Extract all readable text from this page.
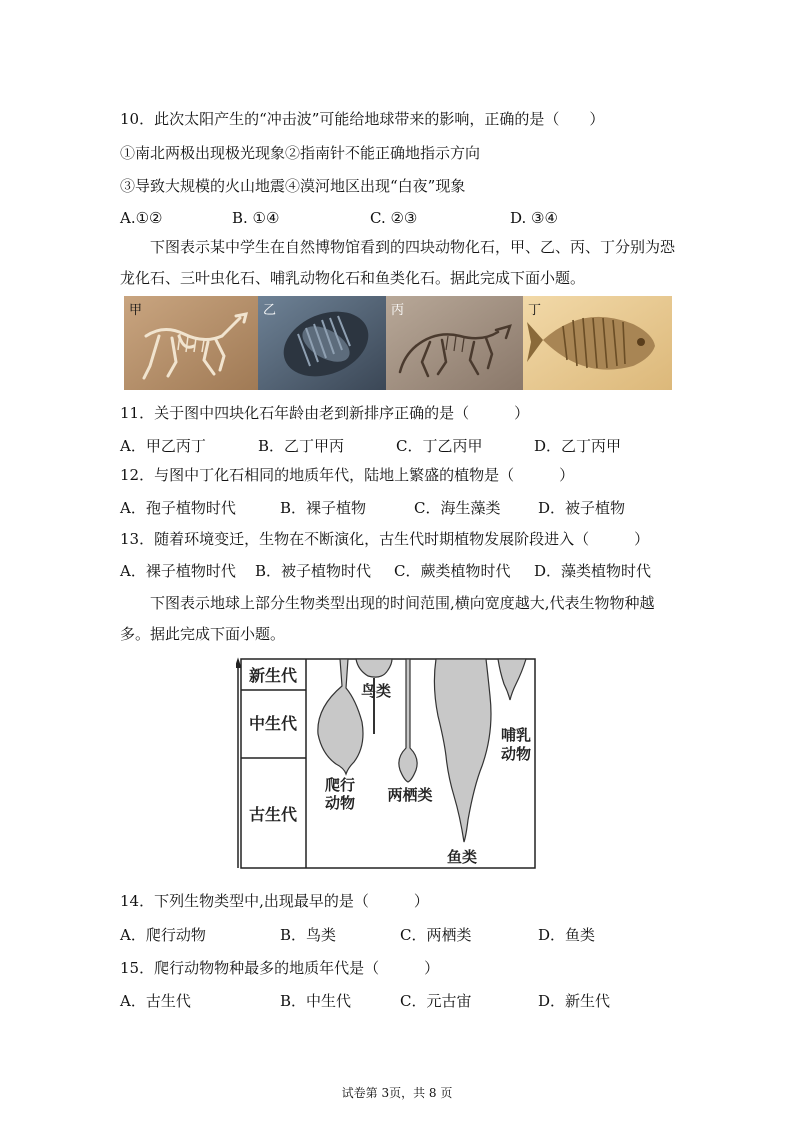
10．此次太阳产生的“冲击波”可能给地球带来的影响，正确的是（　　）
①南北两极出现极光现象②指南针不能正确地指示方向
③导致大规模的火山地震④漠河地区出现“白夜”现象
A.①②	B. ①④	C. ②③	D. ③④
下图表示某中学生在自然博物馆看到的四块动物化石，甲、乙、丙、丁分别为恐龙化石、三叶虫化石、哺乳动物化石和鱼类化石。据此完成下面小题。
甲	乙	丙	丁
11．关于图中四块化石年龄由老到新排序正确的是（　　　）
A．甲乙丙丁	B．乙丁甲丙	C．丁乙丙甲	D．乙丁丙甲
12．与图中丁化石相同的地质年代，陆地上繁盛的植物是（　　　）
A．孢子植物时代	B．裸子植物	C．海生藻类	D．被子植物
13．随着环境变迁，生物在不断演化，古生代时期植物发展阶段进入（　　　）
A．裸子植物时代 B．被子植物时代 C．蕨类植物时代 D．藻类植物时代
下图表示地球上部分生物类型出现的时间范围,横向宽度越大,代表生物物种越多。据此完成下面小题。
新生代
中生代
古生代
鸟类
爬行
动物 两栖类
鱼类
哺乳
动物
14．下列生物类型中,出现最早的是（　　　）
A．爬行动物	B．鸟类	C．两栖类	D．鱼类
15．爬行动物物种最多的地质年代是（　　　）
A．古生代	B．中生代	C．元古宙	D．新生代
试卷第 3页，共 8 页
